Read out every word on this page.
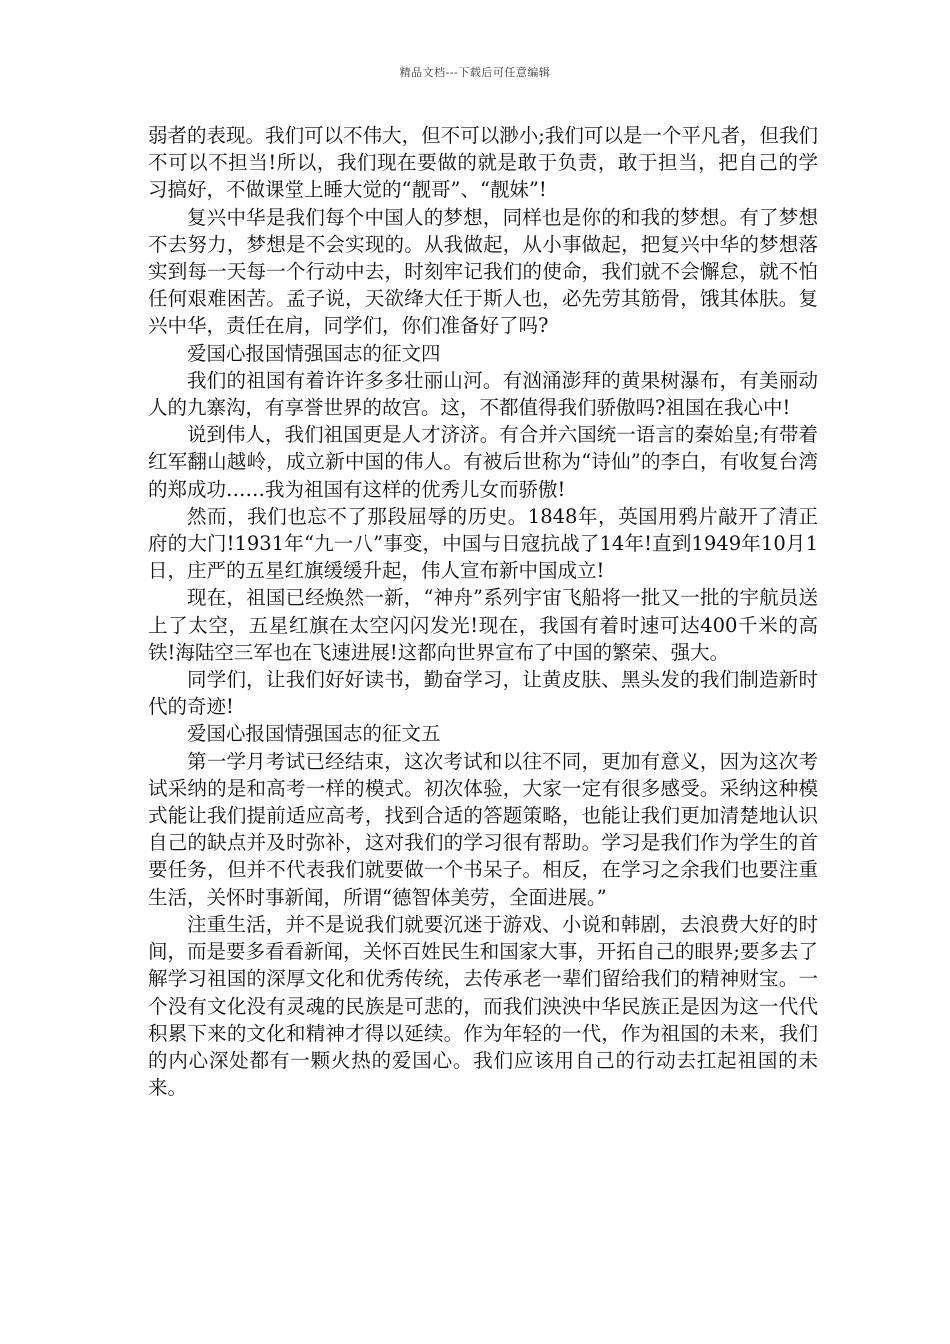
精品文档---下载后可任意编辑

弱者的表现。我们可以不伟大，但不可以渺小;我们可以是一个平凡者，但我们不可以不担当!所以，我们现在要做的就是敢于负责，敢于担当，把自己的学习搞好，不做课堂上睡大觉的“靓哥”、“靓妹”!

复兴中华是我们每个中国人的梦想，同样也是你的和我的梦想。有了梦想不去努力，梦想是不会实现的。从我做起，从小事做起，把复兴中华的梦想落实到每一天每一个行动中去，时刻牢记我们的使命，我们就不会懈怠，就不怕任何艰难困苦。孟子说，天欲绛大任于斯人也，必先劳其筋骨，饿其体肤。复兴中华，责任在肩，同学们，你们准备好了吗?

爱国心报国情强国志的征文四

我们的祖国有着许许多多壮丽山河。有汹涌澎拜的黄果树瀑布，有美丽动人的九寨沟，有享誉世界的故宫。这，不都值得我们骄傲吗?祖国在我心中!

说到伟人，我们祖国更是人才济济。有合并六国统一语言的秦始皇;有带着红军翻山越岭，成立新中国的伟人。有被后世称为“诗仙”的李白，有收复台湾的郑成功……我为祖国有这样的优秀儿女而骄傲!

然而，我们也忘不了那段屈辱的历史。1848年，英国用鸦片敲开了清正府的大门!1931年“九一八”事变，中国与日寇抗战了14年!直到1949年10月1日，庄严的五星红旗缓缓升起，伟人宣布新中国成立!

现在，祖国已经焕然一新，“神舟”系列宇宙飞船将一批又一批的宇航员送上了太空，五星红旗在太空闪闪发光!现在，我国有着时速可达400千米的高铁!海陆空三军也在飞速进展!这都向世界宣布了中国的繁荣、强大。

同学们，让我们好好读书，勤奋学习，让黄皮肤、黑头发的我们制造新时代的奇迹!

爱国心报国情强国志的征文五

第一学月考试已经结束，这次考试和以往不同，更加有意义，因为这次考试采纳的是和高考一样的模式。初次体验，大家一定有很多感受。采纳这种模式能让我们提前适应高考，找到合适的答题策略，也能让我们更加清楚地认识自己的缺点并及时弥补，这对我们的学习很有帮助。学习是我们作为学生的首要任务，但并不代表我们就要做一个书呆子。相反，在学习之余我们也要注重生活，关怀时事新闻，所谓“德智体美劳，全面进展。”

注重生活，并不是说我们就要沉迷于游戏、小说和韩剧，去浪费大好的时间，而是要多看看新闻，关怀百姓民生和国家大事，开拓自己的眼界;要多去了解学习祖国的深厚文化和优秀传统，去传承老一辈们留给我们的精神财宝。一个没有文化没有灵魂的民族是可悲的，而我们泱泱中华民族正是因为这一代代积累下来的文化和精神才得以延续。作为年轻的一代，作为祖国的未来，我们的内心深处都有一颗火热的爱国心。我们应该用自己的行动去扛起祖国的未来。
